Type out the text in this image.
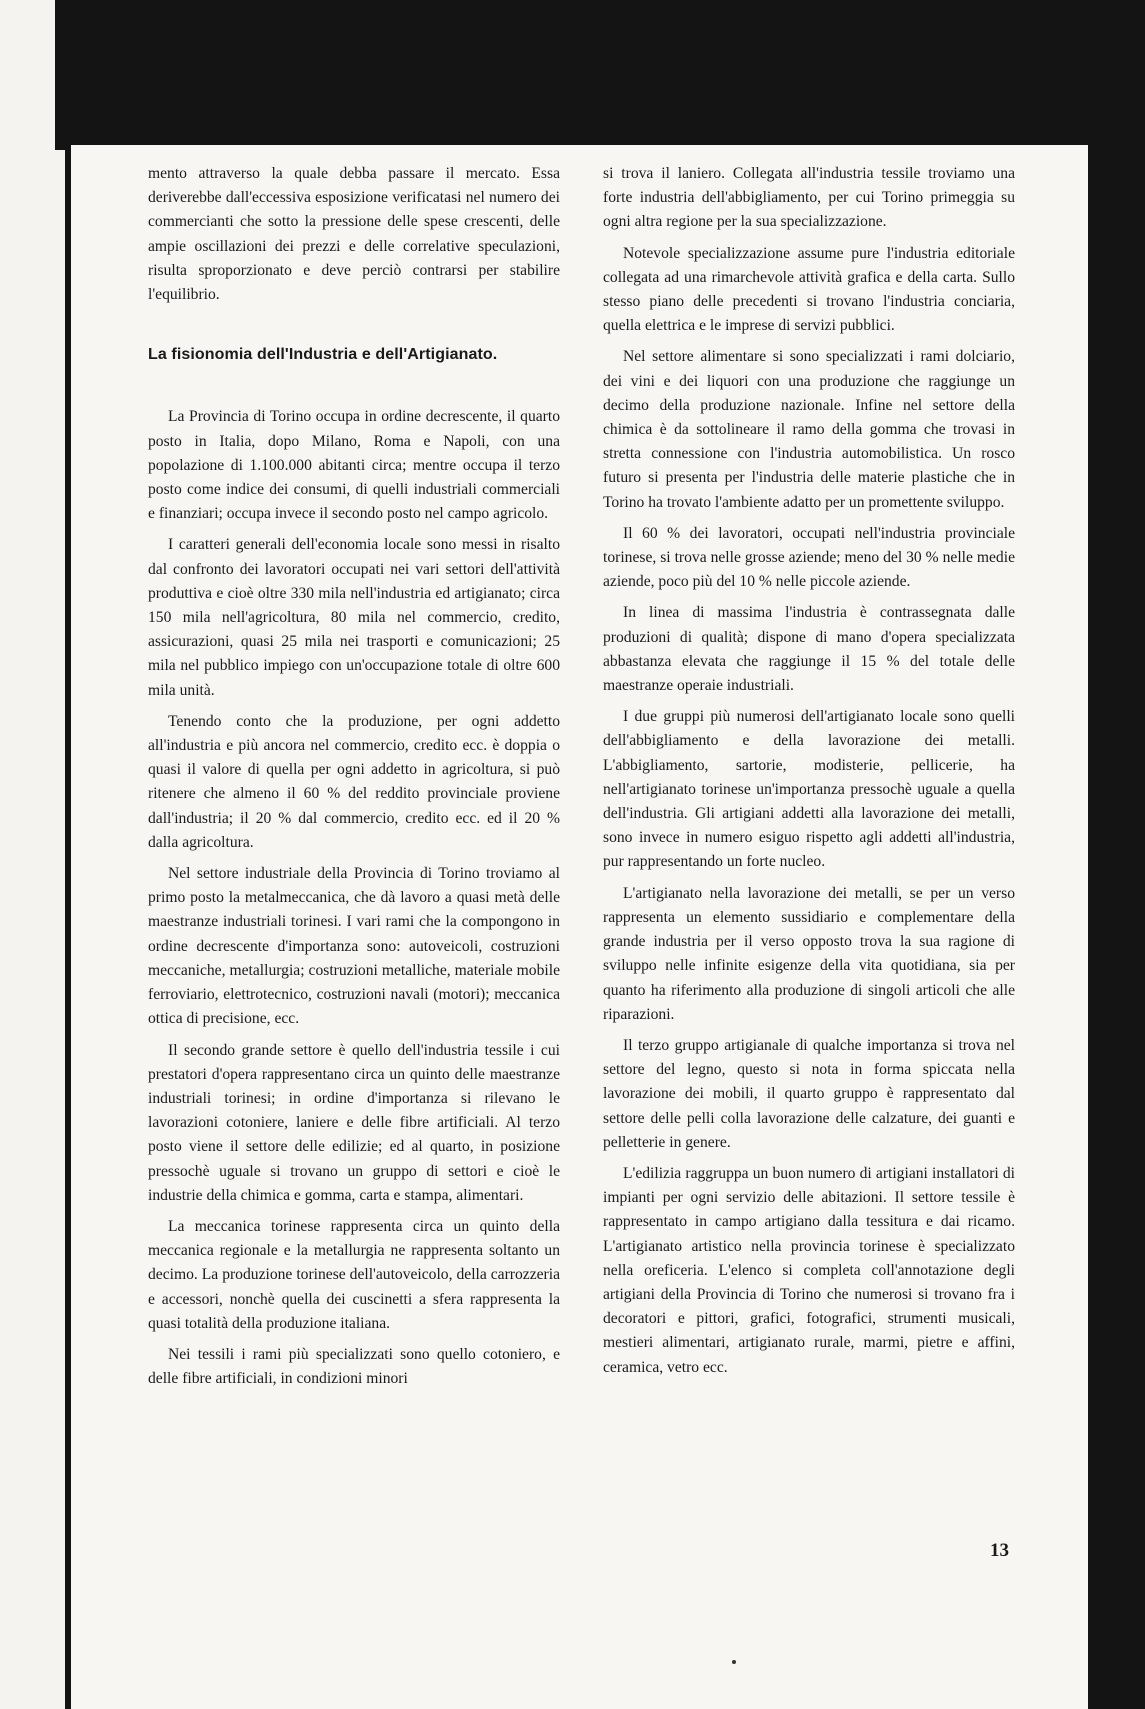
mento attraverso la quale debba passare il mercato. Essa deriverebbe dall'eccessiva esposizione verificatasi nel numero dei commercianti che sotto la pressione delle spese crescenti, delle ampie oscillazioni dei prezzi e delle correlative speculazioni, risulta sproporzionato e deve perciò contrarsi per stabilire l'equilibrio.

La fisionomia dell'Industria e dell'Artigianato.

La Provincia di Torino occupa in ordine decrescente, il quarto posto in Italia, dopo Milano, Roma e Napoli, con una popolazione di 1.100.000 abitanti circa; mentre occupa il terzo posto come indice dei consumi, di quelli industriali commerciali e finanziari; occupa invece il secondo posto nel campo agricolo.

I caratteri generali dell'economia locale sono messi in risalto dal confronto dei lavoratori occupati nei vari settori dell'attività produttiva e cioè oltre 330 mila nell'industria ed artigianato; circa 150 mila nell'agricoltura, 80 mila nel commercio, credito, assicurazioni, quasi 25 mila nei trasporti e comunicazioni; 25 mila nel pubblico impiego con un'occupazione totale di oltre 600 mila unità.

Tenendo conto che la produzione, per ogni addetto all'industria e più ancora nel commercio, credito ecc. è doppia o quasi il valore di quella per ogni addetto in agricoltura, si può ritenere che almeno il 60 % del reddito provinciale proviene dall'industria; il 20 % dal commercio, credito ecc. ed il 20 % dalla agricoltura.

Nel settore industriale della Provincia di Torino troviamo al primo posto la metalmeccanica, che dà lavoro a quasi metà delle maestranze industriali torinesi. I vari rami che la compongono in ordine decrescente d'importanza sono: autoveicoli, costruzioni meccaniche, metallurgia; costruzioni metalliche, materiale mobile ferroviario, elettrotecnico, costruzioni navali (motori); meccanica ottica di precisione, ecc.

Il secondo grande settore è quello dell'industria tessile i cui prestatori d'opera rappresentano circa un quinto delle maestranze industriali torinesi; in ordine d'importanza si rilevano le lavorazioni cotoniere, laniere e delle fibre artificiali. Al terzo posto viene il settore delle edilizie; ed al quarto, in posizione pressochè uguale si trovano un gruppo di settori e cioè le industrie della chimica e gomma, carta e stampa, alimentari.

La meccanica torinese rappresenta circa un quinto della meccanica regionale e la metallurgia ne rappresenta soltanto un decimo. La produzione torinese dell'autoveicolo, della carrozzeria e accessori, nonchè quella dei cuscinetti a sfera rappresenta la quasi totalità della produzione italiana.

Nei tessili i rami più specializzati sono quello cotoniero, e delle fibre artificiali, in condizioni minori

si trova il laniero. Collegata all'industria tessile troviamo una forte industria dell'abbigliamento, per cui Torino primeggia su ogni altra regione per la sua specializzazione.

Notevole specializzazione assume pure l'industria editoriale collegata ad una rimarchevole attività grafica e della carta. Sullo stesso piano delle precedenti si trovano l'industria conciaria, quella elettrica e le imprese di servizi pubblici.

Nel settore alimentare si sono specializzati i rami dolciario, dei vini e dei liquori con una produzione che raggiunge un decimo della produzione nazionale. Infine nel settore della chimica è da sottolineare il ramo della gomma che trovasi in stretta connessione con l'industria automobilistica. Un rosco futuro si presenta per l'industria delle materie plastiche che in Torino ha trovato l'ambiente adatto per un promettente sviluppo.

Il 60 % dei lavoratori, occupati nell'industria provinciale torinese, si trova nelle grosse aziende; meno del 30 % nelle medie aziende, poco più del 10 % nelle piccole aziende.

In linea di massima l'industria è contrassegnata dalle produzioni di qualità; dispone di mano d'opera specializzata abbastanza elevata che raggiunge il 15 % del totale delle maestranze operaie industriali.

I due gruppi più numerosi dell'artigianato locale sono quelli dell'abbigliamento e della lavorazione dei metalli. L'abbigliamento, sartorie, modisterie, pellicerie, ha nell'artigianato torinese un'importanza pressochè uguale a quella dell'industria. Gli artigiani addetti alla lavorazione dei metalli, sono invece in numero esiguo rispetto agli addetti all'industria, pur rappresentando un forte nucleo.

L'artigianato nella lavorazione dei metalli, se per un verso rappresenta un elemento sussidiario e complementare della grande industria per il verso opposto trova la sua ragione di sviluppo nelle infinite esigenze della vita quotidiana, sia per quanto ha riferimento alla produzione di singoli articoli che alle riparazioni.

Il terzo gruppo artigianale di qualche importanza si trova nel settore del legno, questo si nota in forma spiccata nella lavorazione dei mobili, il quarto gruppo è rappresentato dal settore delle pelli colla lavorazione delle calzature, dei guanti e pelletterie in genere.

L'edilizia raggruppa un buon numero di artigiani installatori di impianti per ogni servizio delle abitazioni. Il settore tessile è rappresentato in campo artigiano dalla tessitura e dai ricamo. L'artigianato artistico nella provincia torinese è specializzato nella oreficeria. L'elenco si completa coll'annotazione degli artigiani della Provincia di Torino che numerosi si trovano fra i decoratori e pittori, grafici, fotografici, strumenti musicali, mestieri alimentari, artigianato rurale, marmi, pietre e affini, ceramica, vetro ecc.

13
